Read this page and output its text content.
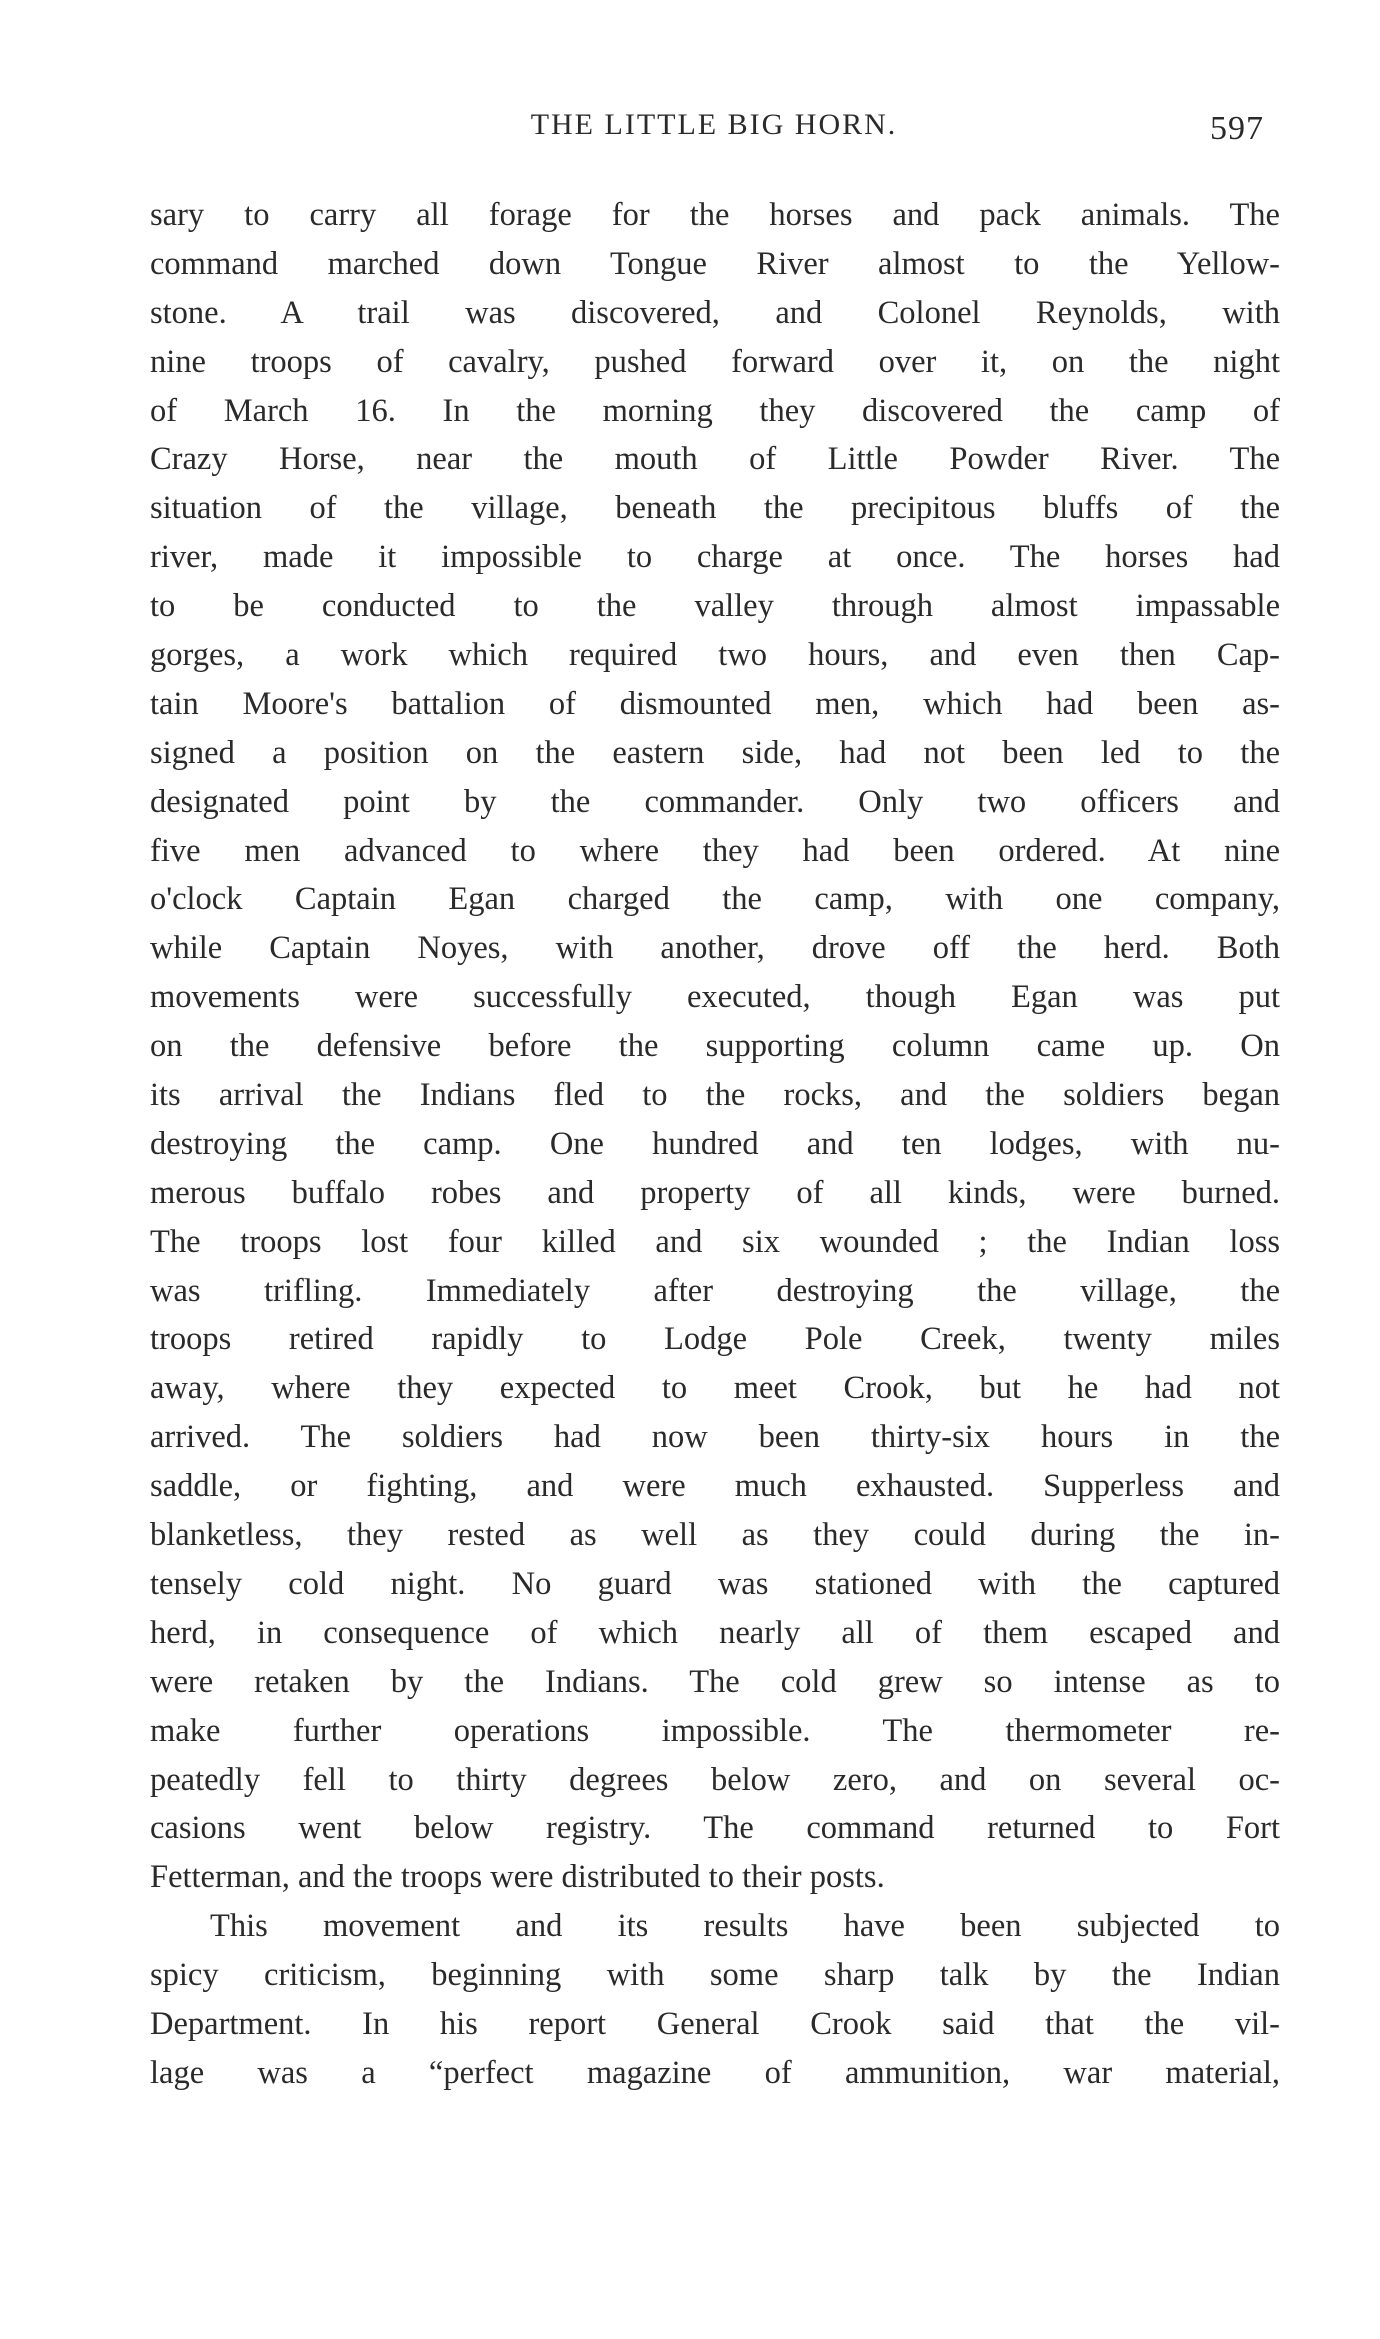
THE LITTLE BIG HORN.	597
sary to carry all forage for the horses and pack animals. The
command marched down Tongue River almost to the Yellow-
stone. A trail was discovered, and Colonel Reynolds, with
nine troops of cavalry, pushed forward over it, on the night
of March 16. In the morning they discovered the camp of
Crazy Horse, near the mouth of Little Powder River. The
situation of the village, beneath the precipitous bluffs of the
river, made it impossible to charge at once. The horses had
to be conducted to the valley through almost impassable
gorges, a work which required two hours, and even then Cap-
tain Moore's battalion of dismounted men, which had been as-
signed a position on the eastern side, had not been led to the
designated point by the commander. Only two officers and
five men advanced to where they had been ordered. At nine
o'clock Captain Egan charged the camp, with one company,
while Captain Noyes, with another, drove off the herd. Both
movements were successfully executed, though Egan was put
on the defensive before the supporting column came up. On
its arrival the Indians fled to the rocks, and the soldiers began
destroying the camp. One hundred and ten lodges, with nu-
merous buffalo robes and property of all kinds, were burned.
The troops lost four killed and six wounded ; the Indian loss
was trifling. Immediately after destroying the village, the
troops retired rapidly to Lodge Pole Creek, twenty miles
away, where they expected to meet Crook, but he had not
arrived. The soldiers had now been thirty-six hours in the
saddle, or fighting, and were much exhausted. Supperless and
blanketless, they rested as well as they could during the in-
tensely cold night. No guard was stationed with the captured
herd, in consequence of which nearly all of them escaped and
were retaken by the Indians. The cold grew so intense as to
make further operations impossible. The thermometer re-
peatedly fell to thirty degrees below zero, and on several oc-
casions went below registry. The command returned to Fort
Fetterman, and the troops were distributed to their posts.
This movement and its results have been subjected to
spicy criticism, beginning with some sharp talk by the Indian
Department. In his report General Crook said that the vil-
lage was a “perfect magazine of ammunition, war material,
